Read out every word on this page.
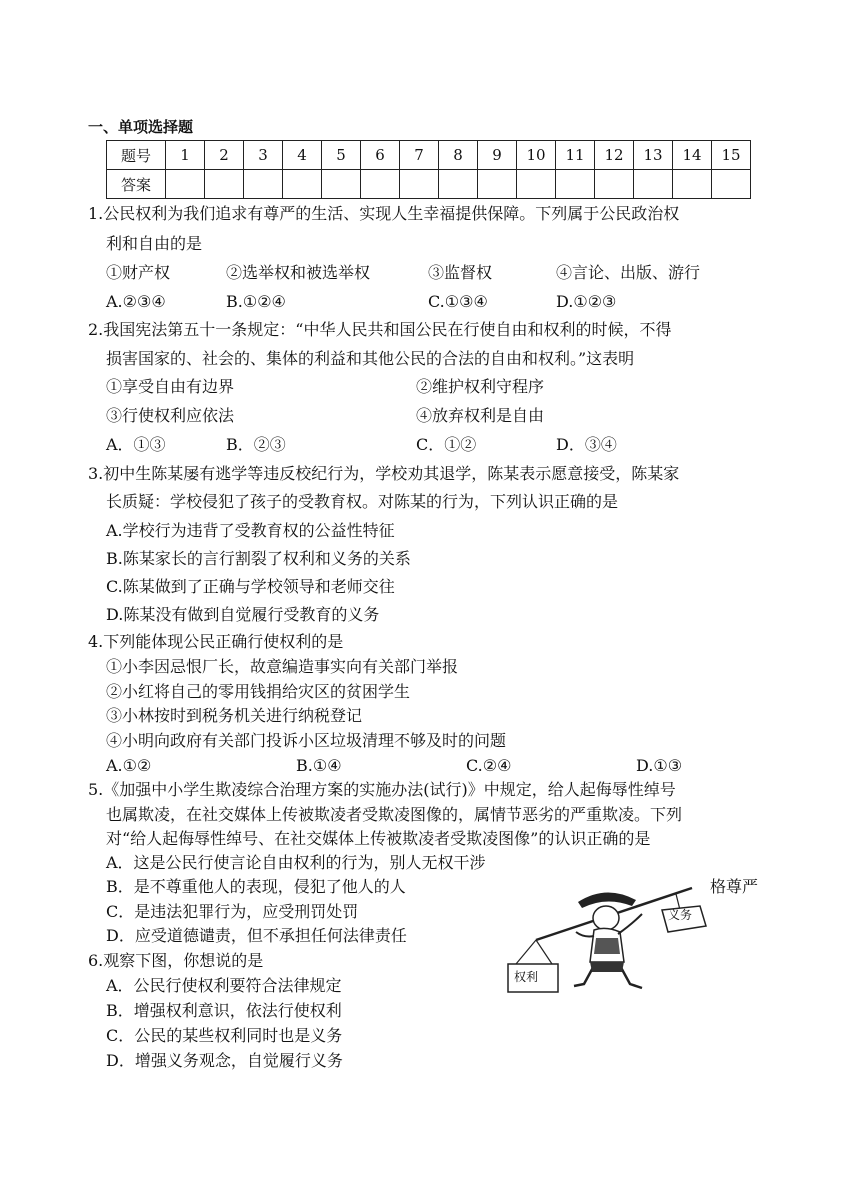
一、单项选择题
题号	1	2	3	4	5	6	7	8	9	10	11	12	13	14	15
答案															
1.公民权利为我们追求有尊严的生活、实现人生幸福提供保障。下列属于公民政治权
利和自由的是
①财产权	②选举权和被选举权	③监督权	④言论、出版、游行
A.②③④	B.①②④	C.①③④	D.①②③
2.我国宪法第五十一条规定：“中华人民共和国公民在行使自由和权利的时候，不得
损害国家的、社会的、集体的利益和其他公民的合法的自由和权利。”这表明
①享受自由有边界	②维护权利守程序
③行使权利应依法	④放弃权利是自由
A．①③	B．②③	C．①②	D．③④
3.初中生陈某屡有逃学等违反校纪行为，学校劝其退学，陈某表示愿意接受，陈某家
长质疑：学校侵犯了孩子的受教育权。对陈某的行为，下列认识正确的是
A.学校行为违背了受教育权的公益性特征
B.陈某家长的言行割裂了权利和义务的关系
C.陈某做到了正确与学校领导和老师交往
D.陈某没有做到自觉履行受教育的义务
4.下列能体现公民正确行使权利的是
①小李因忌恨厂长，故意编造事实向有关部门举报
②小红将自己的零用钱捐给灾区的贫困学生
③小林按时到税务机关进行纳税登记
④小明向政府有关部门投诉小区垃圾清理不够及时的问题
A.①②	B.①④	C.②④	D.①③
5.《加强中小学生欺凌综合治理方案的实施办法(试行)》中规定，给人起侮辱性绰号
也属欺凌，在社交媒体上传被欺凌者受欺凌图像的，属情节恶劣的严重欺凌。下列
对“给人起侮辱性绰号、在社交媒体上传被欺凌者受欺凌图像”的认识正确的是
A．这是公民行使言论自由权利的行为，别人无权干涉
B．是不尊重他人的表现，侵犯了他人的人	格尊严
C．是违法犯罪行为，应受刑罚处罚
D．应受道德谴责，但不承担任何法律责任
6.观察下图，你想说的是
A．公民行使权利要符合法律规定
B．增强权利意识，依法行使权利
C．公民的某些权利同时也是义务
D．增强义务观念，自觉履行义务
义务
权利
